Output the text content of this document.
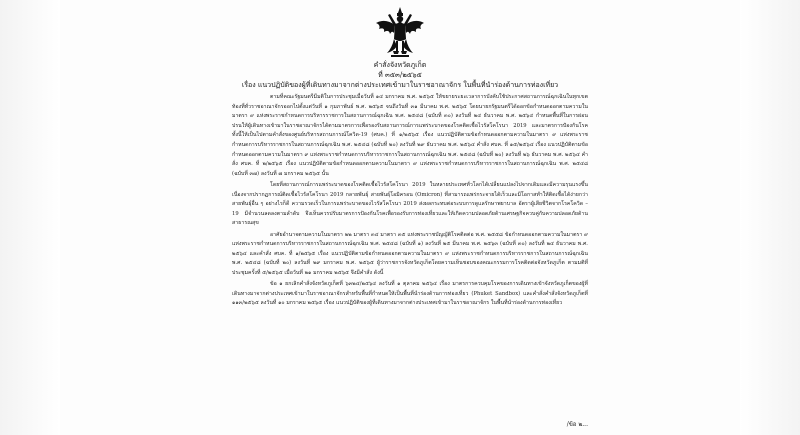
คำสั่งจังหวัดภูเก็ต
ที่ ๓๕๓/๒๕๖๕
เรื่อง แนวปฏิบัติของผู้ที่เดินทางมาจากต่างประเทศเข้ามาในราชอาณาจักร ในพื้นที่นำร่องด้านการท่องเที่ยว

ตามที่คณะรัฐมนตรีมีมติในการประชุมเมื่อวันที่ ๑๔ มกราคม พ.ศ. ๒๕๖๕ ให้ขยายระยะเวลาการบังคับใช้ประกาศสถานการณ์ฉุกเฉินในทุกเขตท้องที่ทั่วราชอาณาจักรออกไปตั้งแต่วันที่ ๑ กุมภาพันธ์ พ.ศ. ๒๕๖๕ จนถึงวันที่ ๓๑ มีนาคม พ.ศ. ๒๕๖๕ โดยนายกรัฐมนตรีได้ออกข้อกำหนดออกตามความในมาตรา ๙ แห่งพระราชกำหนดการบริหารราชการในสถานการณ์ฉุกเฉิน พ.ศ. ๒๕๔๘ (ฉบับที่ ๓๐) ลงวันที่ ๒๔ ธันวาคม พ.ศ. ๒๕๖๔ กำหนดพื้นที่ในการผ่อนปรนให้ผู้เดินทางเข้ามาในราชอาณาจักรได้ตามมาตรการเพื่อรองรับสถานการณ์การแพร่ระบาดของโรคติดเชื้อไวรัสโคโรนา 2019 และมาตรการป้องกันโรค ทั้งนี้ให้เป็นไปตามคำสั่งของศูนย์บริหารสถานการณ์โควิด-19 (ศบค.) ที่ ๑/๒๕๖๕ เรื่อง แนวปฏิบัติตามข้อกำหนดออกตามความในมาตรา ๙ แห่งพระราชกำหนดการบริหารราชการในสถานการณ์ฉุกเฉิน พ.ศ. ๒๕๔๘ (ฉบับที่ ๒๐) ลงวันที่ ๒๙ ธันวาคม พ.ศ. ๒๕๖๔ คำสั่ง ศบค. ที่ ๑๕/๒๕๖๔ เรื่อง แนวปฏิบัติตามข้อกำหนดออกตามความในมาตรา ๙ แห่งพระราชกำหนดการบริหารราชการในสถานการณ์ฉุกเฉิน พ.ศ. ๒๕๔๘ (ฉบับที่ ๒๐) ลงวันที่ ๒๖ ธันวาคม พ.ศ. ๒๕๖๔ คำสั่ง ศบค. ที่ ๒/๒๕๖๕ เรื่อง แนวปฏิบัติตามข้อกำหนดออกตามความในมาตรา ๙ แห่งพระราชกำหนดการบริหารราชการในสถานการณ์ฉุกเฉิน พ.ศ. ๒๕๔๘ (ฉบับที่ ๓๗) ลงวันที่ ๗ มกราคม ๒๕๖๕ นั้น

โดยที่สถานการณ์การแพร่ระบาดของโรคติดเชื้อไวรัสโคโรนา 2019 ในหลายประเทศทั่วโลกได้เปลี่ยนแปลงไปจากเดิมและมีความรุนแรงขึ้น เนื่องจากปรากฏการณ์ติดเชื้อไวรัสโคโรนา 2019 กลายพันธุ์ สายพันธุ์โอมิครอน (Omicron) ที่สามารถแพร่กระจายได้เร็วและมีโอกาสทำให้ติดเชื้อได้ง่ายกว่าสายพันธุ์อื่น ๆ อย่างไรก็ดี ความรวดเร็วในการแพร่ระบาดของไวรัสโคโรนา 2019 ส่งผลกระทบต่อระบบการดูแลรักษาพยาบาล อัตราผู้เสียชีวิตจากโรคโควิด – 19 มีจำนวนลดลงตามลำดับ จึงเห็นควรปรับมาตรการป้องกันโรคเพื่อรองรับการท่องเที่ยวและให้เกิดความปลอดภัยด้านเศรษฐกิจควบคู่กับความปลอดภัยด้านสาธารณสุข

อาศัยอำนาจตามความในมาตรา ๒๒ มาตรา ๓๔ มาตรา ๓๕ แห่งพระราชบัญญัติโรคติดต่อ พ.ศ. ๒๕๕๘ ข้อกำหนดออกตามความในมาตรา ๙ แห่งพระราชกำหนดการบริหารราชการในสถานการณ์ฉุกเฉิน พ.ศ. ๒๕๔๘ (ฉบับที่ ๑) ลงวันที่ ๒๕ มีนาคม พ.ศ. ๒๕๖๓ (ฉบับที่ ๓๐) ลงวันที่ ๒๔ ธันวาคม พ.ศ. ๒๕๖๔ และคำสั่ง ศบค. ที่ ๑/๒๕๖๕ เรื่อง แนวปฏิบัติตามข้อกำหนดออกตามความในมาตรา ๙ แห่งพระราชกำหนดการบริหารราชการในสถานการณ์ฉุกเฉิน พ.ศ. ๒๕๔๘ (ฉบับที่ ๒๐) ลงวันที่ ๒๙ มกราคม พ.ศ. ๒๕๖๕ ผู้ว่าราชการจังหวัดภูเก็ตโดยความเห็นชอบของคณะกรรมการโรคติดต่อจังหวัดภูเก็ต ตามมติที่ประชุมครั้งที่ ๕/๒๕๖๕ เมื่อวันที่ ๒๑ มกราคม ๒๕๖๕ จึงมีคำสั่ง ดังนี้

ข้อ ๑ ยกเลิกคำสั่งจังหวัดภูเก็ตที่ ๖๓๒๔/๒๕๖๔ ลงวันที่ ๑ ตุลาคม ๒๕๖๔ เรื่อง มาตรการควบคุมโรคของการเดินทางเข้าจังหวัดภูเก็ตของผู้ที่เดินทางมาจากต่างประเทศเข้ามาในราชอาณาจักรสำหรับพื้นที่กำหนดให้เป็นพื้นที่นำร่องด้านการท่องเที่ยว (Phuket Sandbox) และคำสั่งคำสั่งจังหวัดภูเก็ตที่ ๑๑๓/๒๕๖๕ ลงวันที่ ๑๐ มกราคม ๒๕๖๕ เรื่อง แนวปฏิบัติของผู้ที่เดินทางมาจากต่างประเทศเข้ามาในราชอาณาจักร ในพื้นที่นำร่องด้านการท่องเที่ยว

/ข้อ ๒...
